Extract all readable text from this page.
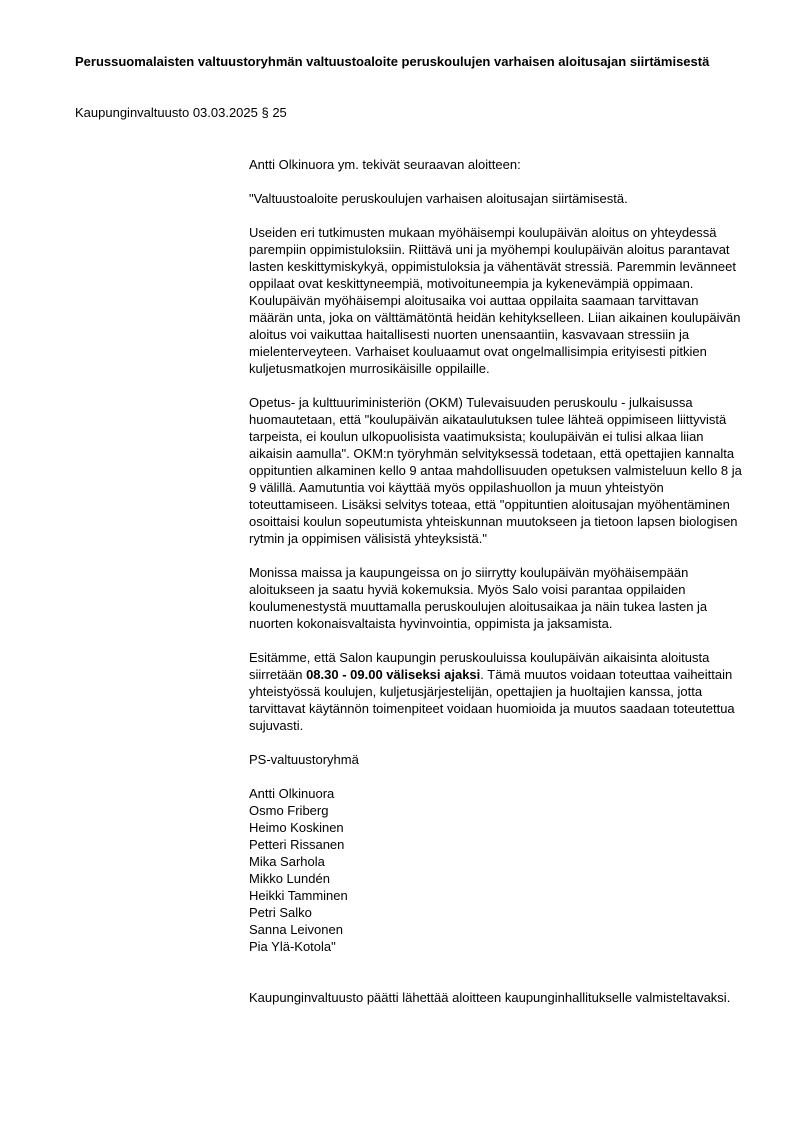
Perussuomalaisten valtuustoryhmän valtuustoaloite peruskoulujen varhaisen aloitusajan siirtämisestä
Kaupunginvaltuusto 03.03.2025 § 25

Antti Olkinuora ym. tekivät seuraavan aloitteen:

"Valtuustoaloite peruskoulujen varhaisen aloitusajan siirtämisestä.

Useiden eri tutkimusten mukaan myöhäisempi koulupäivän aloitus on yhteydessä parempiin oppimistuloksiin. Riittävä uni ja myöhempi koulupäivän aloitus parantavat lasten keskittymiskykyä, oppimistuloksia ja vähentävät stressiä. Paremmin levänneet oppilaat ovat keskittyneempiä, motivoituneempia ja kykenevämpiä oppimaan. Koulupäivän myöhäisempi aloitusaika voi auttaa oppilaita saamaan tarvittavan määrän unta, joka on välttämätöntä heidän kehitykselleen. Liian aikainen koulupäivän aloitus voi vaikuttaa haitallisesti nuorten unensaantiin, kasvavaan stressiin ja mielenterveyteen. Varhaiset kouluaamut ovat ongelmallisimpia erityisesti pitkien kuljetusmatkojen murrosikäisille oppilaille.

Opetus- ja kulttuuriministeriön (OKM) Tulevaisuuden peruskoulu - julkaisussa huomautetaan, että "koulupäivän aikataulutuksen tulee lähteä oppimiseen liittyvistä tarpeista, ei koulun ulkopuolisista vaatimuksista; koulupäivän ei tulisi alkaa liian aikaisin aamulla". OKM:n työryhmän selvityksessä todetaan, että opettajien kannalta oppituntien alkaminen kello 9 antaa mahdollisuuden opetuksen valmisteluun kello 8 ja 9 välillä. Aamutuntia voi käyttää myös oppilashuollon ja muun yhteistyön toteuttamiseen. Lisäksi selvitys toteaa, että "oppituntien aloitusajan myöhentäminen osoittaisi koulun sopeutumista yhteiskunnan muutokseen ja tietoon lapsen biologisen rytmin ja oppimisen välisistä yhteyksistä."

Monissa maissa ja kaupungeissa on jo siirrytty koulupäivän myöhäisempään aloitukseen ja saatu hyviä kokemuksia. Myös Salo voisi parantaa oppilaiden koulumenestystä muuttamalla peruskoulujen aloitusaikaa ja näin tukea lasten ja nuorten kokonaisvaltaista hyvinvointia, oppimista ja jaksamista.

Esitämme, että Salon kaupungin peruskouluissa koulupäivän aikaisinta aloitusta siirretään 08.30 - 09.00 väliseksi ajaksi. Tämä muutos voidaan toteuttaa vaiheittain yhteistyössä koulujen, kuljetusjärjestelijän, opettajien ja huoltajien kanssa, jotta tarvittavat käytännön toimenpiteet voidaan huomioida ja muutos saadaan toteutettua sujuvasti.

PS-valtuustoryhmä

Antti Olkinuora
Osmo Friberg
Heimo Koskinen
Petteri Rissanen
Mika Sarhola
Mikko Lundén
Heikki Tamminen
Petri Salko
Sanna Leivonen
Pia Ylä-Kotola"

Kaupunginvaltuusto päätti lähettää aloitteen kaupunginhallitukselle valmisteltavaksi.
